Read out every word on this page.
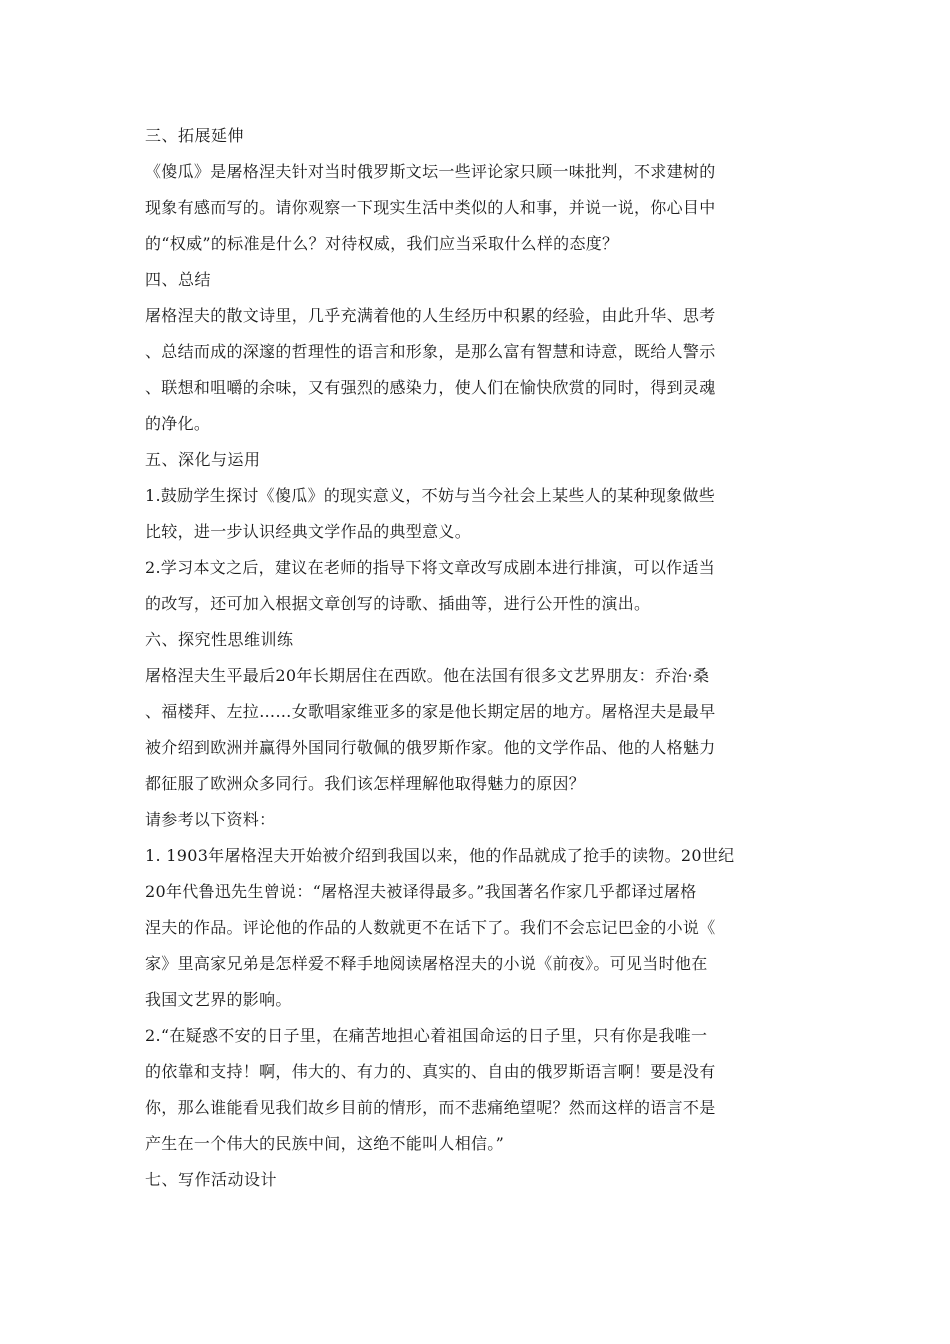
三、拓展延伸
《傻瓜》是屠格涅夫针对当时俄罗斯文坛一些评论家只顾一味批判，不求建树的
现象有感而写的。请你观察一下现实生活中类似的人和事，并说一说，你心目中
的“权威”的标准是什么？对待权威，我们应当采取什么样的态度？
四、总结
屠格涅夫的散文诗里，几乎充满着他的人生经历中积累的经验，由此升华、思考
、总结而成的深邃的哲理性的语言和形象，是那么富有智慧和诗意，既给人警示
、联想和咀嚼的余味，又有强烈的感染力，使人们在愉快欣赏的同时，得到灵魂
的净化。
五、深化与运用
1.鼓励学生探讨《傻瓜》的现实意义，不妨与当今社会上某些人的某种现象做些
比较，进一步认识经典文学作品的典型意义。
2.学习本文之后，建议在老师的指导下将文章改写成剧本进行排演，可以作适当
的改写，还可加入根据文章创写的诗歌、插曲等，进行公开性的演出。
六、探究性思维训练
屠格涅夫生平最后20年长期居住在西欧。他在法国有很多文艺界朋友：乔治·桑
、福楼拜、左拉……女歌唱家维亚多的家是他长期定居的地方。屠格涅夫是最早
被介绍到欧洲并赢得外国同行敬佩的俄罗斯作家。他的文学作品、他的人格魅力
都征服了欧洲众多同行。我们该怎样理解他取得魅力的原因？
请参考以下资料：
1. 1903年屠格涅夫开始被介绍到我国以来，他的作品就成了抢手的读物。20世纪
20年代鲁迅先生曾说：“屠格涅夫被译得最多。”我国著名作家几乎都译过屠格
涅夫的作品。评论他的作品的人数就更不在话下了。我们不会忘记巴金的小说《
家》里高家兄弟是怎样爱不释手地阅读屠格涅夫的小说《前夜》。可见当时他在
我国文艺界的影响。
2.“在疑惑不安的日子里，在痛苦地担心着祖国命运的日子里，只有你是我唯一
的依靠和支持！啊，伟大的、有力的、真实的、自由的俄罗斯语言啊！要是没有
你，那么谁能看见我们故乡目前的情形，而不悲痛绝望呢？然而这样的语言不是
产生在一个伟大的民族中间，这绝不能叫人相信。”
七、写作活动设计
